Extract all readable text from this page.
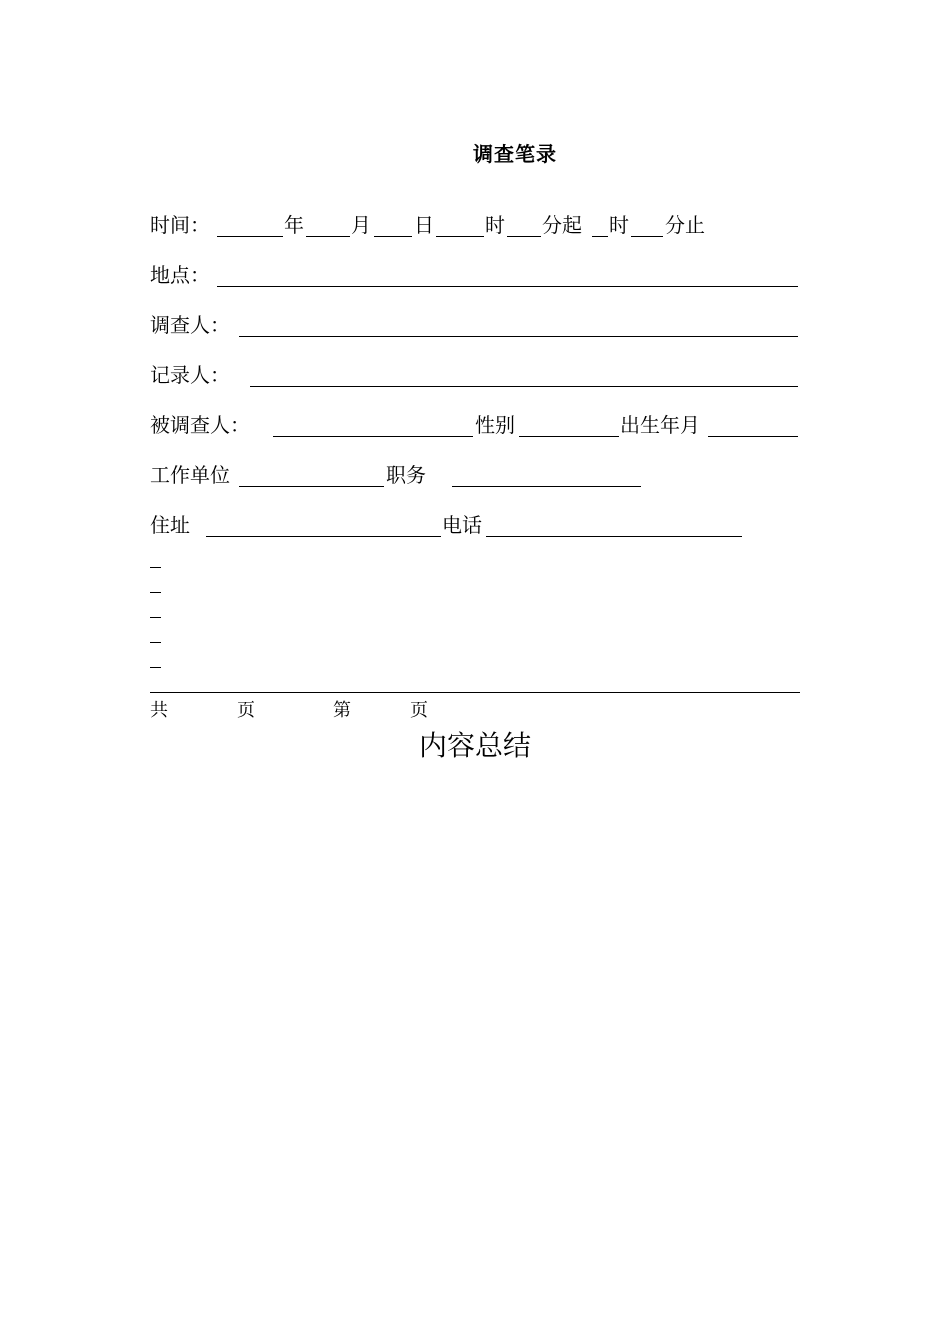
调查笔录
时间：	年 月 日	时 分起 时 分止
地点：
调查人：
记录人：
被调查人：	性别	出生年月
工作单位	职务
住址	电话
共	页	第	页
内容总结
